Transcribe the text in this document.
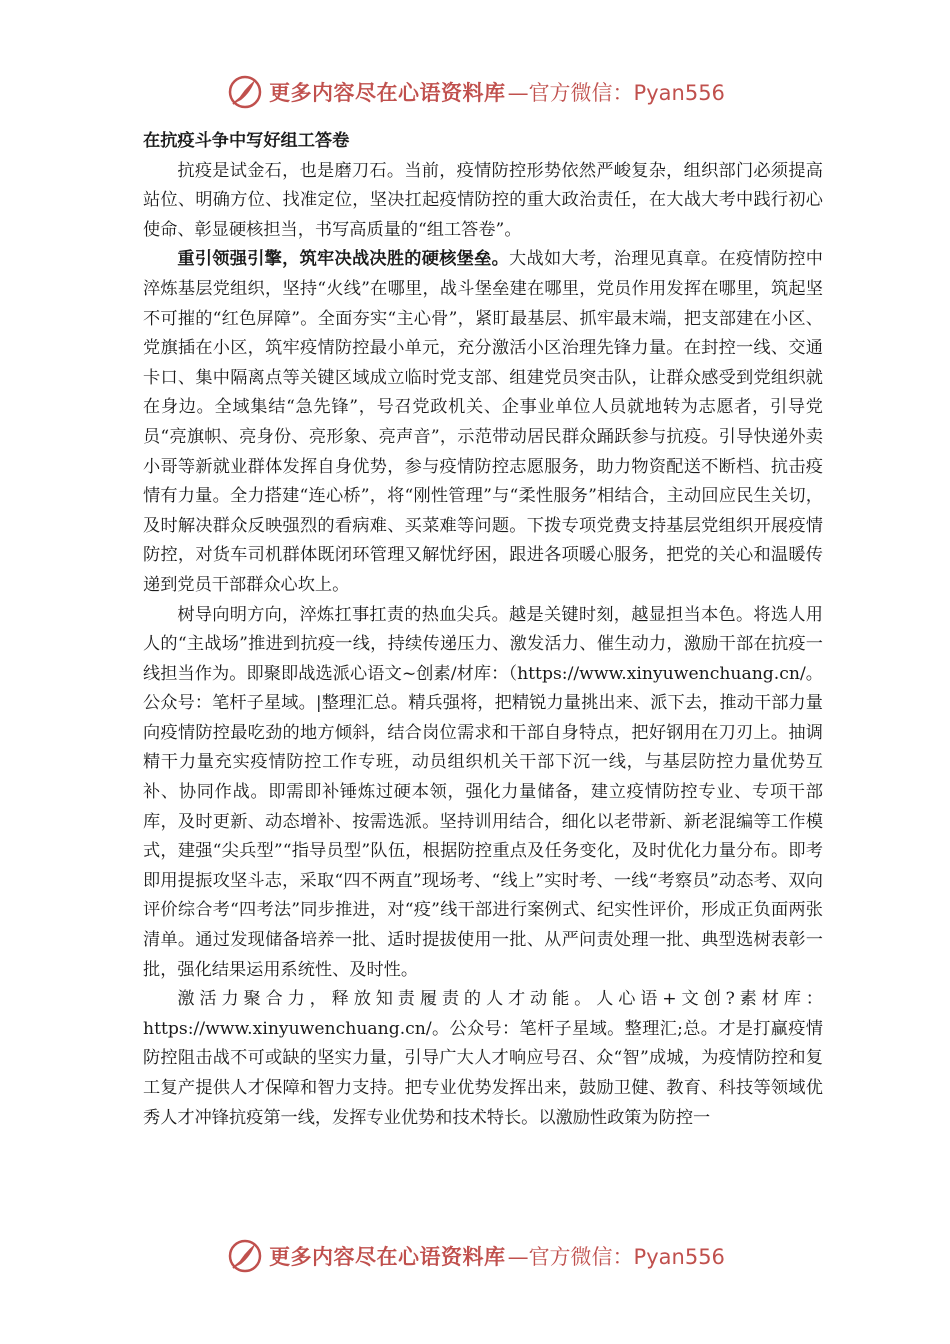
更多内容尽在心语资料库 —官方微信：Pyan556

在抗疫斗争中写好组工答卷

抗疫是试金石，也是磨刀石。当前，疫情防控形势依然严峻复杂，组织部门必须提高站位、明确方位、找准定位，坚决扛起疫情防控的重大政治责任，在大战大考中践行初心使命、彰显硬核担当，书写高质量的“组工答卷”。

重引领强引擎，筑牢决战决胜的硬核堡垒。大战如大考，治理见真章。在疫情防控中淬炼基层党组织，坚持“火线”在哪里，战斗堡垒建在哪里，党员作用发挥在哪里，筑起坚不可摧的“红色屏障”。全面夯实“主心骨”，紧盯最基层、抓牢最末端，把支部建在小区、党旗插在小区，筑牢疫情防控最小单元，充分激活小区治理先锋力量。在封控一线、交通卡口、集中隔离点等关键区域成立临时党支部、组建党员突击队，让群众感受到党组织就在身边。全域集结“急先锋”，号召党政机关、企事业单位人员就地转为志愿者，引导党员“亮旗帜、亮身份、亮形象、亮声音”，示范带动居民群众踊跃参与抗疫。引导快递外卖小哥等新就业群体发挥自身优势，参与疫情防控志愿服务，助力物资配送不断档、抗击疫情有力量。全力搭建“连心桥”，将“刚性管理”与“柔性服务”相结合，主动回应民生关切，及时解决群众反映强烈的看病难、买菜难等问题。下拨专项党费支持基层党组织开展疫情防控，对货车司机群体既闭环管理又解忧纾困，跟进各项暖心服务，把党的关心和温暖传递到党员干部群众心坎上。

树导向明方向，淬炼扛事扛责的热血尖兵。越是关键时刻，越显担当本色。将选人用人的“主战场”推进到抗疫一线，持续传递压力、激发活力、催生动力，激励干部在抗疫一线担当作为。即聚即战选派心语文~创素/材库：（https://www.xinyuwenchuang.cn/。公众号：笔杆子星域。|整理汇总。精兵强将，把精锐力量挑出来、派下去，推动干部力量向疫情防控最吃劲的地方倾斜，结合岗位需求和干部自身特点，把好钢用在刀刃上。抽调精干力量充实疫情防控工作专班，动员组织机关干部下沉一线，与基层防控力量优势互补、协同作战。即需即补锤炼过硬本领，强化力量储备，建立疫情防控专业、专项干部库，及时更新、动态增补、按需选派。坚持训用结合，细化以老带新、新老混编等工作模式，建强“尖兵型”“指导员型”队伍，根据防控重点及任务变化，及时优化力量分布。即考即用提振攻坚斗志，采取“四不两直”现场考、“线上”实时考、一线“考察员”动态考、双向评价综合考“四考法”同步推进，对“疫”线干部进行案例式、纪实性评价，形成正负面两张清单。通过发现储备培养一批、适时提拔使用一批、从严问责处理一批、典型选树表彰一批，强化结果运用系统性、及时性。

激活力聚合力，释放知责履责的人才动能。人心语+文创?素材库：https://www.xinyuwenchuang.cn/。公众号：笔杆子星域。整理汇;总。才是打赢疫情防控阻击战不可或缺的坚实力量，引导广大人才响应号召、众“智”成城，为疫情防控和复工复产提供人才保障和智力支持。把专业优势发挥出来，鼓励卫健、教育、科技等领域优秀人才冲锋抗疫第一线，发挥专业优势和技术特长。以激励性政策为防控一

更多内容尽在心语资料库 —官方微信：Pyan556
